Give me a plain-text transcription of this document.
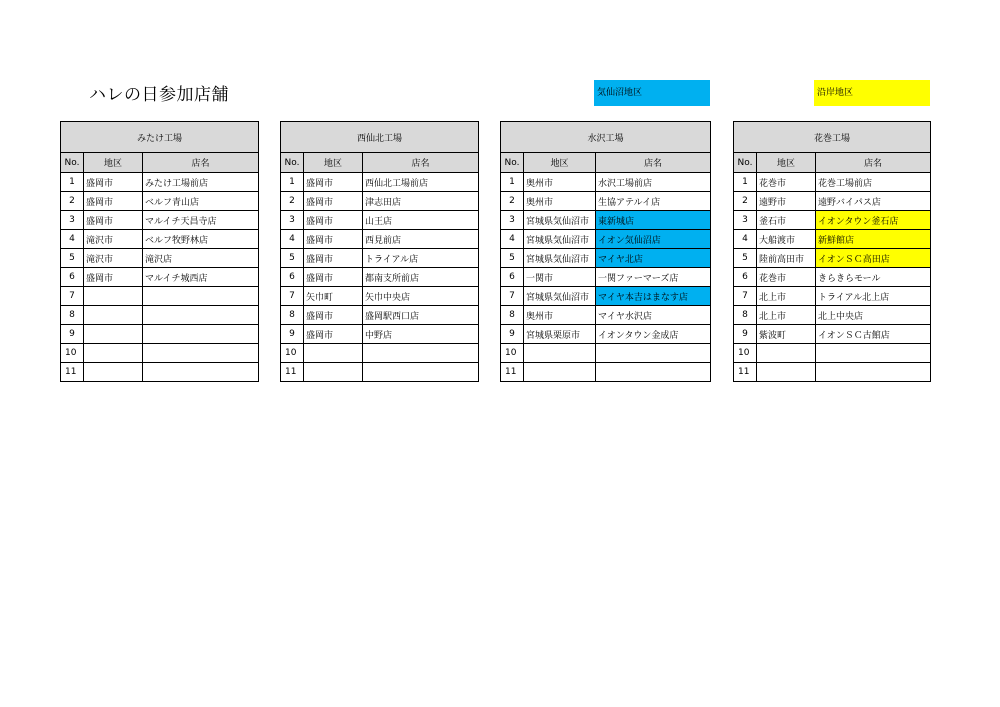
ハレの日参加店舗	気仙沼地区	沿岸地区
みたけ工場		
No.	地区	店名
1	盛岡市	みたけ工場前店
2	盛岡市	ベルフ青山店
3	盛岡市	マルイチ天昌寺店
4	滝沢市	ベルフ牧野林店
5	滝沢市	滝沢店
6	盛岡市	マルイチ城西店
7		
8		
9		
10		
11		
西仙北工場		
No.	地区	店名
1	盛岡市	西仙北工場前店
2	盛岡市	津志田店
3	盛岡市	山王店
4	盛岡市	西見前店
5	盛岡市	トライアル店
6	盛岡市	都南支所前店
7	矢巾町	矢巾中央店
8	盛岡市	盛岡駅西口店
9	盛岡市	中野店
10		
11		
水沢工場		
No.	地区	店名
1	奥州市	水沢工場前店
2	奥州市	生協アテルイ店
3	宮城県気仙沼市	東新城店
4	宮城県気仙沼市	イオン気仙沼店
5	宮城県気仙沼市	マイヤ北店
6	一関市	一関ファーマーズ店
7	宮城県気仙沼市	マイヤ本吉はまなす店
8	奥州市	マイヤ水沢店
9	宮城県栗原市	イオンタウン金成店
10		
11		
花巻工場		
No.	地区	店名
1	花巻市	花巻工場前店
2	遠野市	遠野バイパス店
3	釜石市	イオンタウン釜石店
4	大船渡市	新鮮館店
5	陸前高田市	イオンＳＣ高田店
6	花巻市	きらきらモール
7	北上市	トライアル北上店
8	北上市	北上中央店
9	紫波町	イオンＳＣ古館店
10		
11		
